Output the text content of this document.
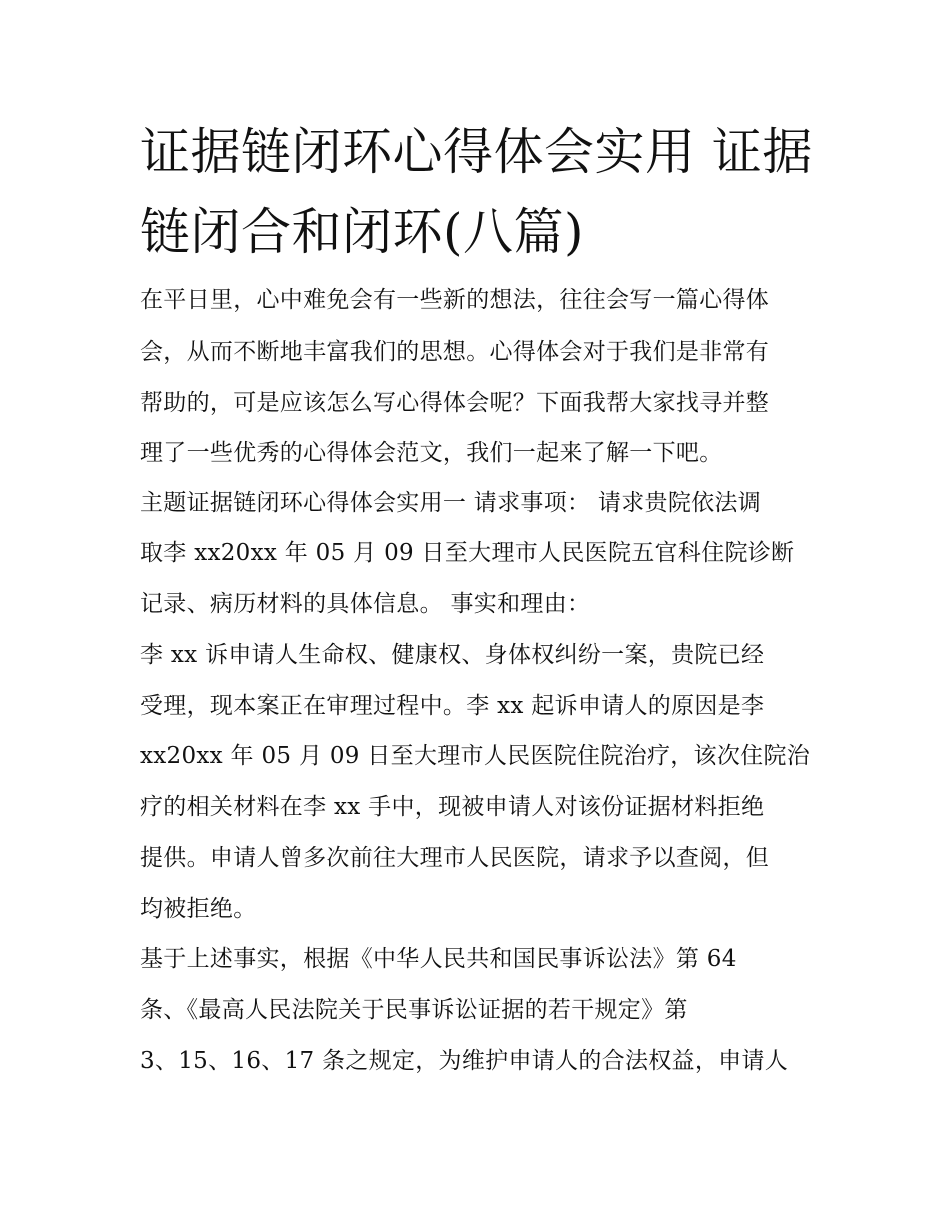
证据链闭环心得体会实用 证据链闭合和闭环(八篇)
在平日里，心中难免会有一些新的想法，往往会写一篇心得体
会，从而不断地丰富我们的思想。心得体会对于我们是非常有
帮助的，可是应该怎么写心得体会呢？下面我帮大家找寻并整
理了一些优秀的心得体会范文，我们一起来了解一下吧。
主题证据链闭环心得体会实用一 请求事项： 请求贵院依法调
取李 xx20xx 年 05 月 09 日至大理市人民医院五官科住院诊断
记录、病历材料的具体信息。 事实和理由：
李 xx 诉申请人生命权、健康权、身体权纠纷一案，贵院已经
受理，现本案正在审理过程中。李 xx 起诉申请人的原因是李
xx20xx 年 05 月 09 日至大理市人民医院住院治疗，该次住院治
疗的相关材料在李 xx 手中，现被申请人对该份证据材料拒绝
提供。申请人曾多次前往大理市人民医院，请求予以查阅，但
均被拒绝。
基于上述事实，根据《中华人民共和国民事诉讼法》第 64
条、《最高人民法院关于民事诉讼证据的若干规定》第
3、15、16、17 条之规定，为维护申请人的合法权益，申请人
